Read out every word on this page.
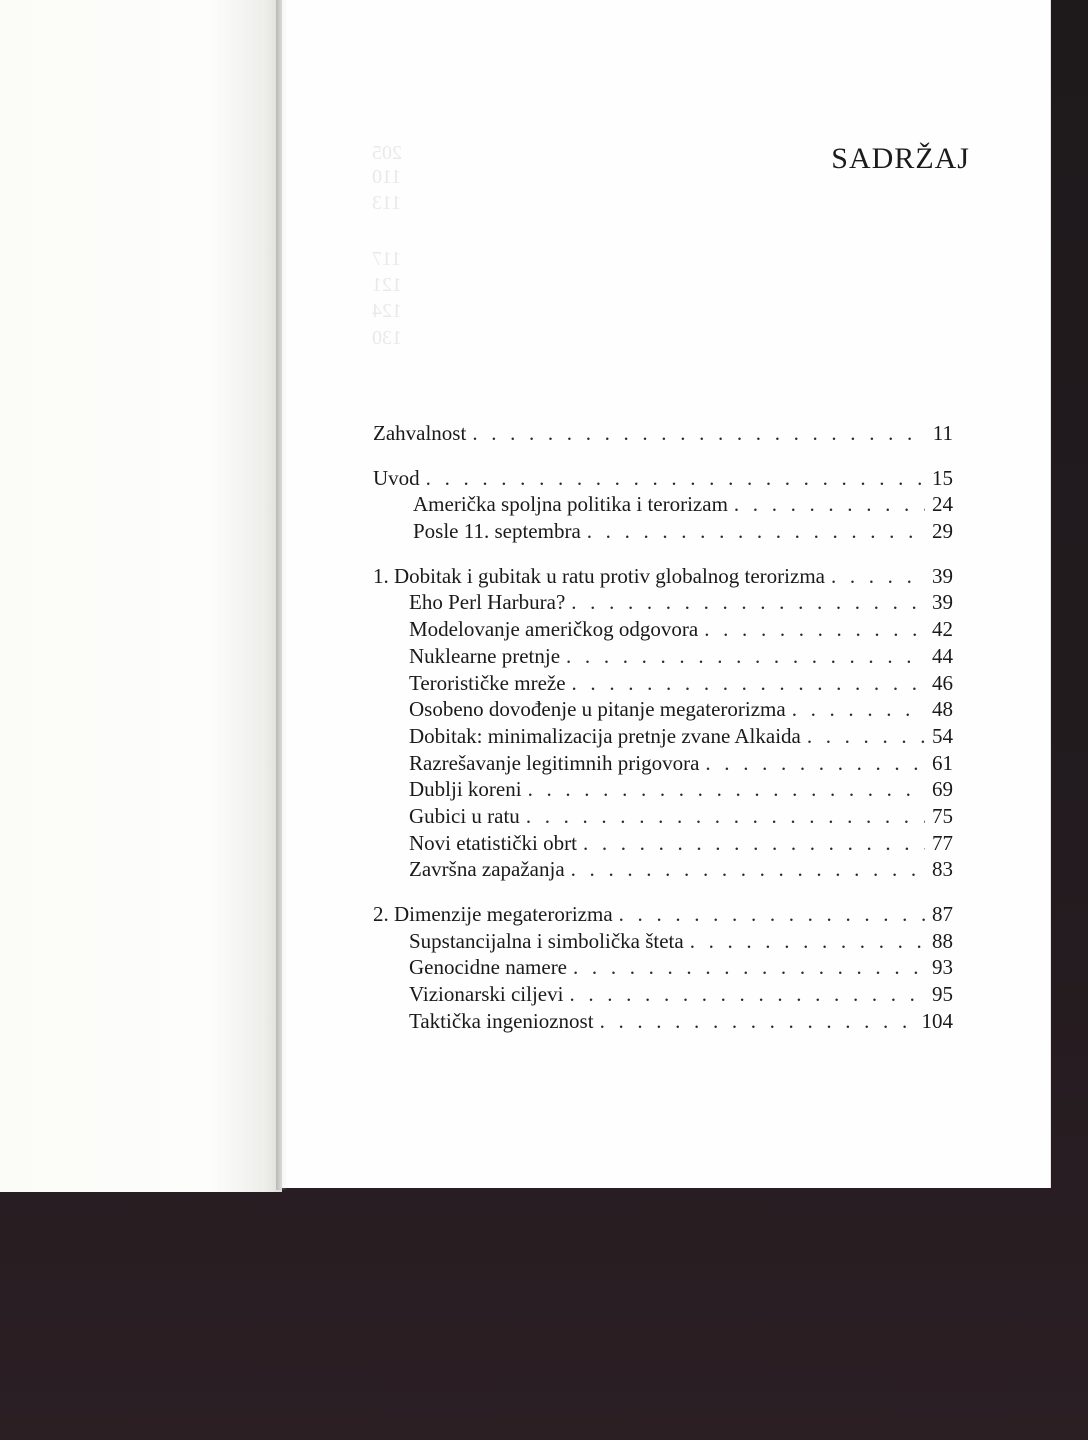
205
110
113
117
121
124
130
SADRŽAJ
Zahvalnost . . .	11
Uvod . . .	15
Američka spoljna politika i terorizam . . .	24
Posle 11. septembra . . .	29
1. Dobitak i gubitak u ratu protiv globalnog terorizma . . .	39
Eho Perl Harbura? . . .	39
Modelovanje američkog odgovora . . .	42
Nuklearne pretnje . . .	44
Terorističke mreže . . .	46
Osobeno dovođenje u pitanje megaterorizma . . .	48
Dobitak: minimalizacija pretnje zvane Alkaida . . .	54
Razrešavanje legitimnih prigovora . . .	61
Dublji koreni . . .	69
Gubici u ratu . . .	75
Novi etatistički obrt . . .	77
Završna zapažanja . . .	83
2. Dimenzije megaterorizma . . .	87
Supstancijalna i simbolička šteta . . .	88
Genocidne namere . . .	93
Vizionarski ciljevi . . .	95
Taktička ingenioznost . . .	104
